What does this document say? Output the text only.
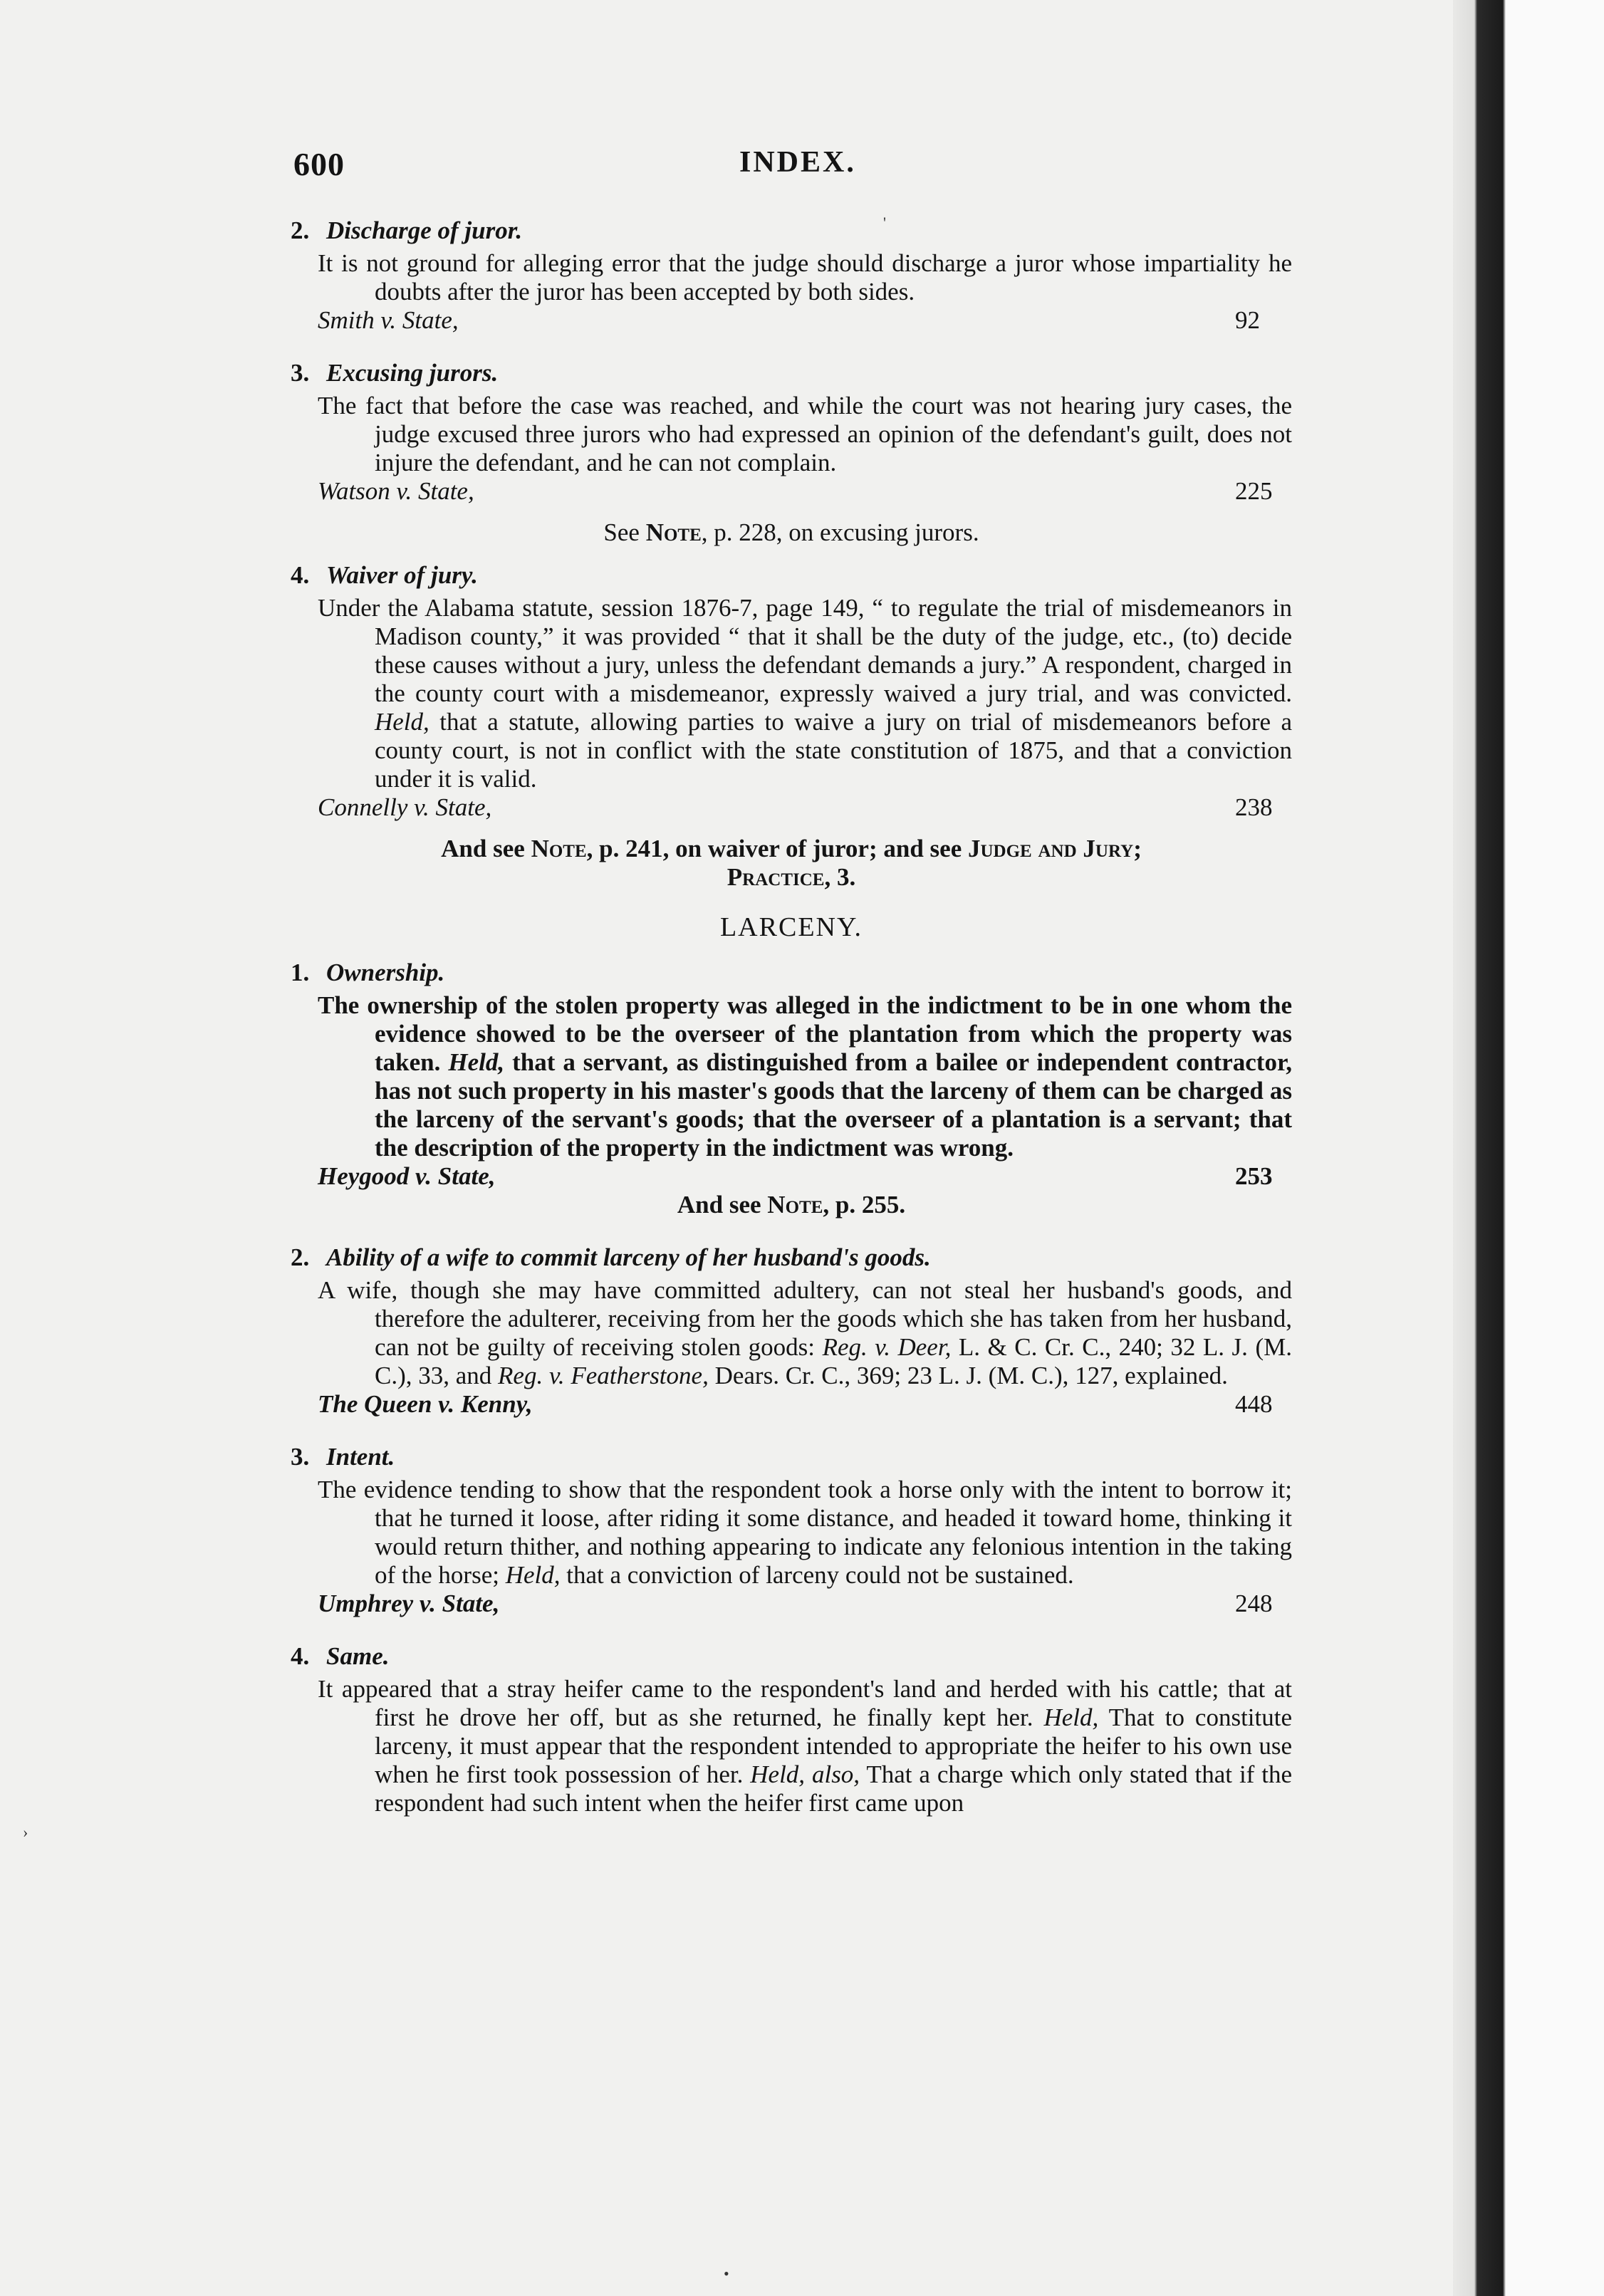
600	INDEX.
2. Discharge of juror.
It is not ground for alleging error that the judge should discharge a juror whose impartiality he doubts after the juror has been accepted by both sides.
Smith v. State,	92
3. Excusing jurors.
The fact that before the case was reached, and while the court was not hearing jury cases, the judge excused three jurors who had expressed an opinion of the defendant's guilt, does not injure the defendant, and he can not complain.
Watson v. State,	225
See Note, p. 228, on excusing jurors.
4. Waiver of jury.
Under the Alabama statute, session 1876-7, page 149, “ to regulate the trial of misdemeanors in Madison county,” it was provided “ that it shall be the duty of the judge, etc., (to) decide these causes without a jury, unless the defendant demands a jury.” A respondent, charged in the county court with a misdemeanor, expressly waived a jury trial, and was convicted. Held, that a statute, allowing parties to waive a jury on trial of misdemeanors before a county court, is not in conflict with the state constitution of 1875, and that a conviction under it is valid.
Connelly v. State,	238
And see Note, p. 241, on waiver of juror; and see Judge and Jury;
Practice, 3.
LARCENY.
1. Ownership.
The ownership of the stolen property was alleged in the indictment to be in one whom the evidence showed to be the overseer of the plantation from which the property was taken. Held, that a servant, as distinguished from a bailee or independent contractor, has not such property in his master's goods that the larceny of them can be charged as the larceny of the servant's goods; that the overseer of a plantation is a servant; that the description of the property in the indictment was wrong.
Heygood v. State,	253
And see Note, p. 255.
2. Ability of a wife to commit larceny of her husband's goods.
A wife, though she may have committed adultery, can not steal her husband's goods, and therefore the adulterer, receiving from her the goods which she has taken from her husband, can not be guilty of receiving stolen goods: Reg. v. Deer, L. & C. Cr. C., 240; 32 L. J. (M. C.), 33, and Reg. v. Featherstone, Dears. Cr. C., 369; 23 L. J. (M. C.), 127, explained.
The Queen v. Kenny,	448
3. Intent.
The evidence tending to show that the respondent took a horse only with the intent to borrow it; that he turned it loose, after riding it some distance, and headed it toward home, thinking it would return thither, and nothing appearing to indicate any felonious intention in the taking of the horse; Held, that a conviction of larceny could not be sustained.
Umphrey v. State,	248
4. Same.
It appeared that a stray heifer came to the respondent's land and herded with his cattle; that at first he drove her off, but as she returned, he finally kept her. Held, That to constitute larceny, it must appear that the respondent intended to appropriate the heifer to his own use when he first took possession of her. Held, also, That a charge which only stated that if the respondent had such intent when the heifer first came upon
'
•
›
